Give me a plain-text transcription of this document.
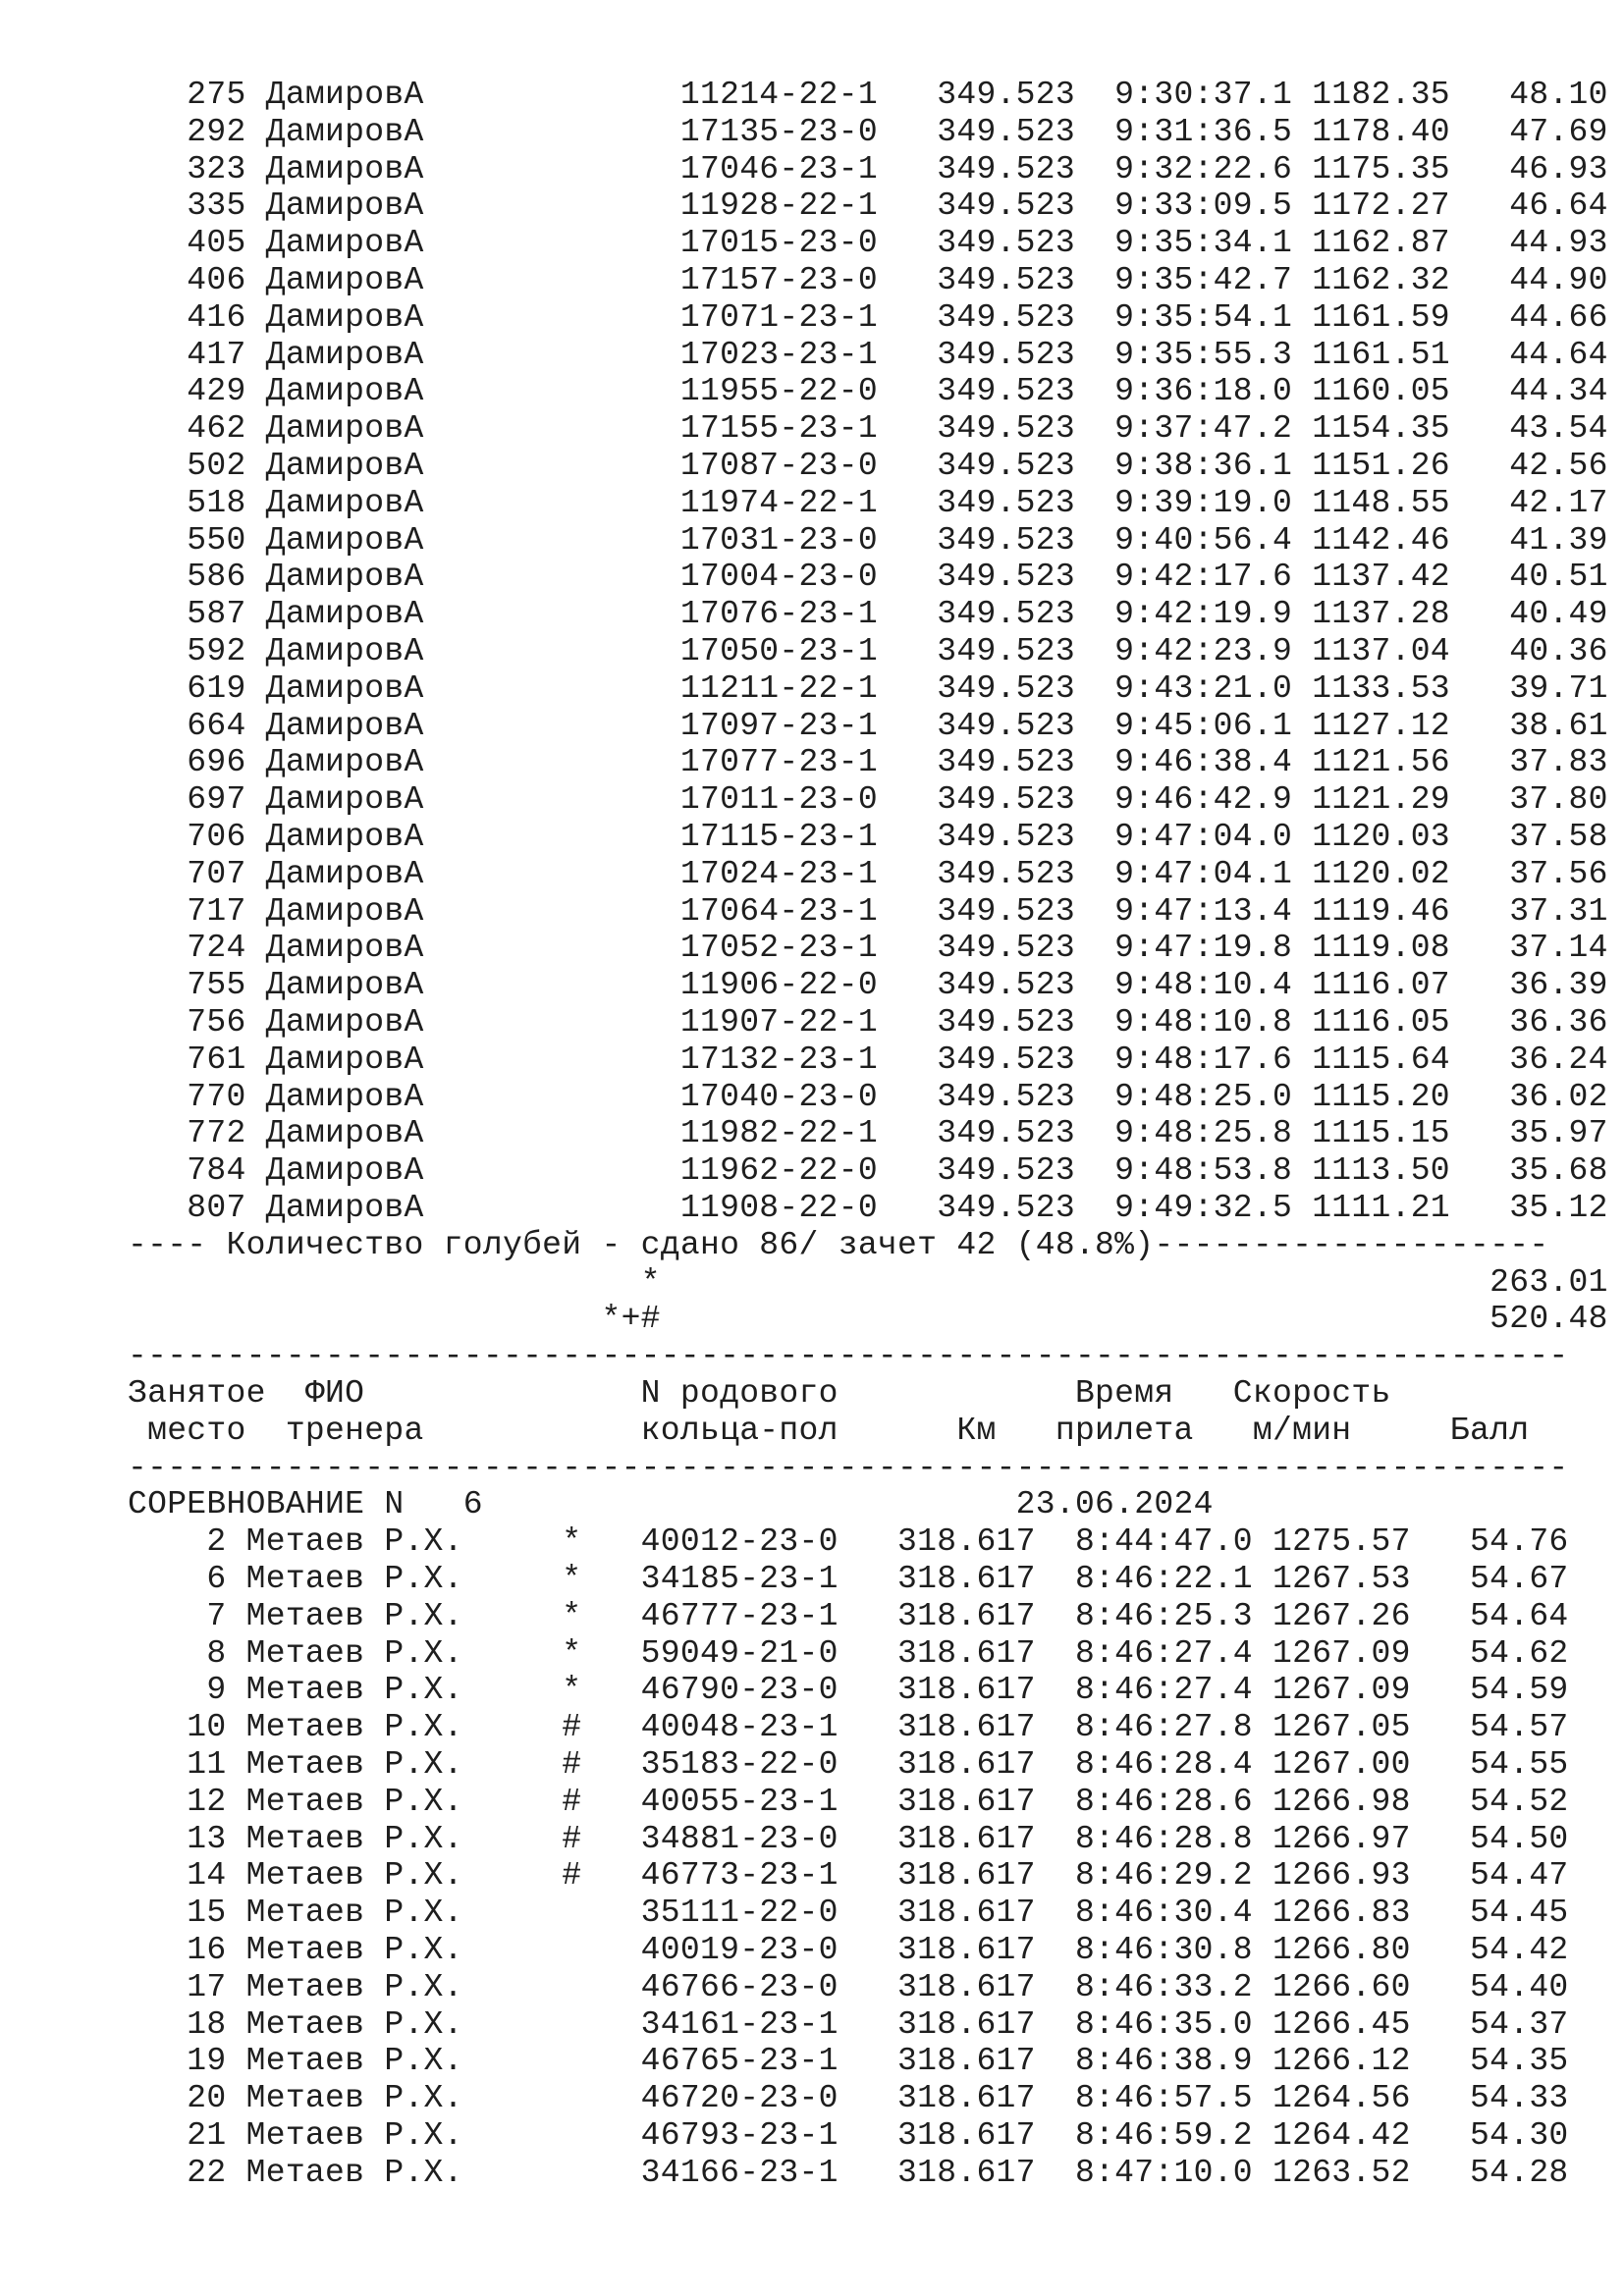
275 ДамировА             11214-22-1   349.523  9:30:37.1 1182.35   48.10
292 ДамировА             17135-23-0   349.523  9:31:36.5 1178.40   47.69
323 ДамировА             17046-23-1   349.523  9:32:22.6 1175.35   46.93
335 ДамировА             11928-22-1   349.523  9:33:09.5 1172.27   46.64
405 ДамировА             17015-23-0   349.523  9:35:34.1 1162.87   44.93
406 ДамировА             17157-23-0   349.523  9:35:42.7 1162.32   44.90
416 ДамировА             17071-23-1   349.523  9:35:54.1 1161.59   44.66
417 ДамировА             17023-23-1   349.523  9:35:55.3 1161.51   44.64
429 ДамировА             11955-22-0   349.523  9:36:18.0 1160.05   44.34
462 ДамировА             17155-23-1   349.523  9:37:47.2 1154.35   43.54
502 ДамировА             17087-23-0   349.523  9:38:36.1 1151.26   42.56
518 ДамировА             11974-22-1   349.523  9:39:19.0 1148.55   42.17
550 ДамировА             17031-23-0   349.523  9:40:56.4 1142.46   41.39
586 ДамировА             17004-23-0   349.523  9:42:17.6 1137.42   40.51
587 ДамировА             17076-23-1   349.523  9:42:19.9 1137.28   40.49
592 ДамировА             17050-23-1   349.523  9:42:23.9 1137.04   40.36
619 ДамировА             11211-22-1   349.523  9:43:21.0 1133.53   39.71
664 ДамировА             17097-23-1   349.523  9:45:06.1 1127.12   38.61
696 ДамировА             17077-23-1   349.523  9:46:38.4 1121.56   37.83
697 ДамировА             17011-23-0   349.523  9:46:42.9 1121.29   37.80
706 ДамировА             17115-23-1   349.523  9:47:04.0 1120.03   37.58
707 ДамировА             17024-23-1   349.523  9:47:04.1 1120.02   37.56
717 ДамировА             17064-23-1   349.523  9:47:13.4 1119.46   37.31
724 ДамировА             17052-23-1   349.523  9:47:19.8 1119.08   37.14
755 ДамировА             11906-22-0   349.523  9:48:10.4 1116.07   36.39
756 ДамировА             11907-22-1   349.523  9:48:10.8 1116.05   36.36
761 ДамировА             17132-23-1   349.523  9:48:17.6 1115.64   36.24
770 ДамировА             17040-23-0   349.523  9:48:25.0 1115.20   36.02
772 ДамировА             11982-22-1   349.523  9:48:25.8 1115.15   35.97
784 ДамировА             11962-22-0   349.523  9:48:53.8 1113.50   35.68
807 ДамировА             11908-22-0   349.523  9:49:32.5 1111.21   35.12
---- Количество голубей - сдано 86/ зачет 42 (48.8%)--------------------
*                                          263.01
*+#                                          520.48
-------------------------------------------------------------------------
Занятое  ФИО              N родового            Время   Скорость
место  тренера           кольца-пол      Км   прилета   м/мин     Балл
-------------------------------------------------------------------------
СОРЕВНОВАНИЕ N   6                           23.06.2024
2 Метаев Р.Х.     *   40012-23-0   318.617  8:44:47.0 1275.57   54.76
6 Метаев Р.Х.     *   34185-23-1   318.617  8:46:22.1 1267.53   54.67
7 Метаев Р.Х.     *   46777-23-1   318.617  8:46:25.3 1267.26   54.64
8 Метаев Р.Х.     *   59049-21-0   318.617  8:46:27.4 1267.09   54.62
9 Метаев Р.Х.     *   46790-23-0   318.617  8:46:27.4 1267.09   54.59
10 Метаев Р.Х.     #   40048-23-1   318.617  8:46:27.8 1267.05   54.57
11 Метаев Р.Х.     #   35183-22-0   318.617  8:46:28.4 1267.00   54.55
12 Метаев Р.Х.     #   40055-23-1   318.617  8:46:28.6 1266.98   54.52
13 Метаев Р.Х.     #   34881-23-0   318.617  8:46:28.8 1266.97   54.50
14 Метаев Р.Х.     #   46773-23-1   318.617  8:46:29.2 1266.93   54.47
15 Метаев Р.Х.         35111-22-0   318.617  8:46:30.4 1266.83   54.45
16 Метаев Р.Х.         40019-23-0   318.617  8:46:30.8 1266.80   54.42
17 Метаев Р.Х.         46766-23-0   318.617  8:46:33.2 1266.60   54.40
18 Метаев Р.Х.         34161-23-1   318.617  8:46:35.0 1266.45   54.37
19 Метаев Р.Х.         46765-23-1   318.617  8:46:38.9 1266.12   54.35
20 Метаев Р.Х.         46720-23-0   318.617  8:46:57.5 1264.56   54.33
21 Метаев Р.Х.         46793-23-1   318.617  8:46:59.2 1264.42   54.30
22 Метаев Р.Х.         34166-23-1   318.617  8:47:10.0 1263.52   54.28
